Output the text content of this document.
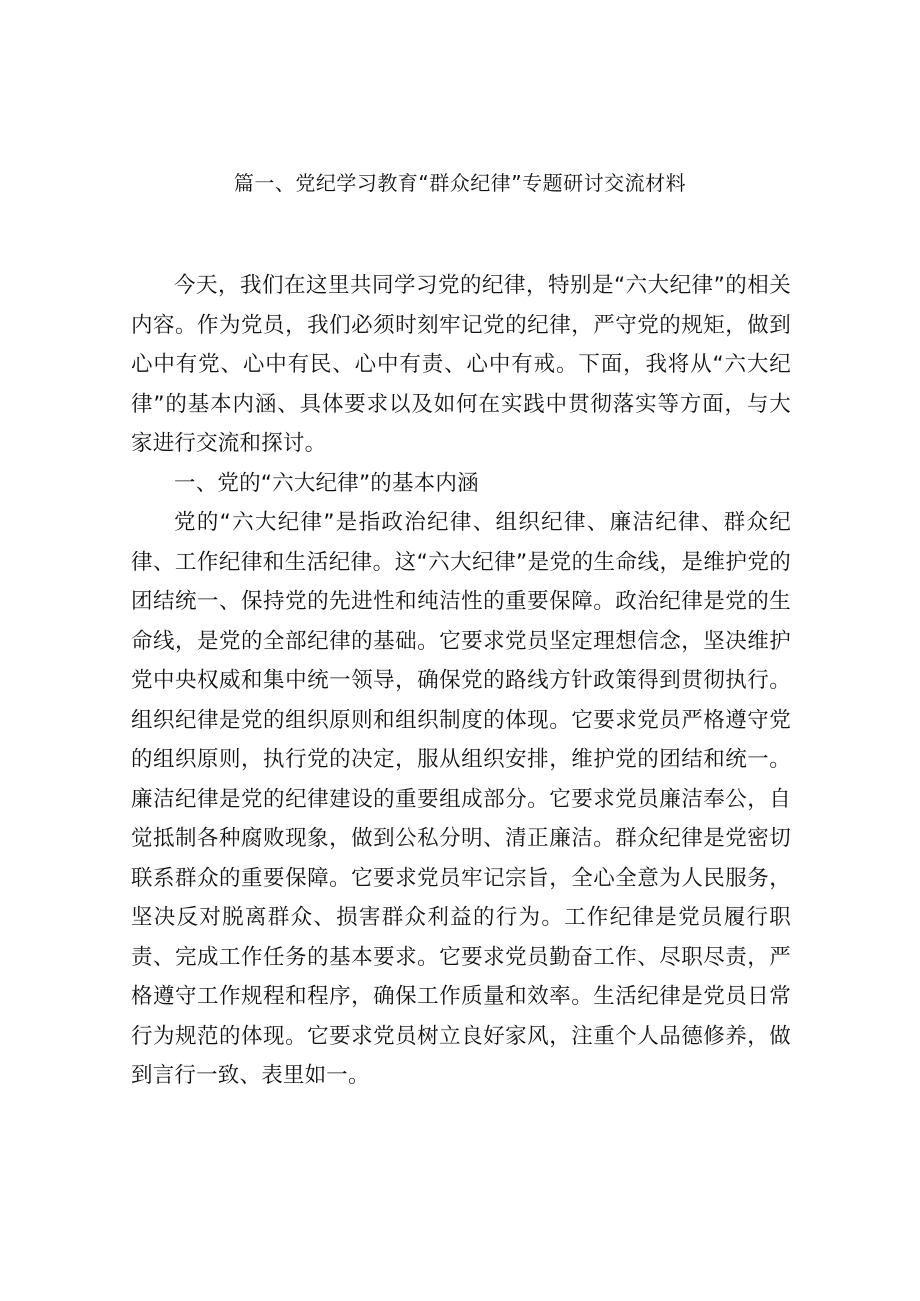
篇一、党纪学习教育“群众纪律”专题研讨交流材料

今天，我们在这里共同学习党的纪律，特别是“六大纪律”的相关内容。作为党员，我们必须时刻牢记党的纪律，严守党的规矩，做到心中有党、心中有民、心中有责、心中有戒。下面，我将从“六大纪律”的基本内涵、具体要求以及如何在实践中贯彻落实等方面，与大家进行交流和探讨。

一、党的“六大纪律”的基本内涵

党的“六大纪律”是指政治纪律、组织纪律、廉洁纪律、群众纪律、工作纪律和生活纪律。这“六大纪律”是党的生命线，是维护党的团结统一、保持党的先进性和纯洁性的重要保障。政治纪律是党的生命线，是党的全部纪律的基础。它要求党员坚定理想信念，坚决维护党中央权威和集中统一领导，确保党的路线方针政策得到贯彻执行。组织纪律是党的组织原则和组织制度的体现。它要求党员严格遵守党的组织原则，执行党的决定，服从组织安排，维护党的团结和统一。廉洁纪律是党的纪律建设的重要组成部分。它要求党员廉洁奉公，自觉抵制各种腐败现象，做到公私分明、清正廉洁。群众纪律是党密切联系群众的重要保障。它要求党员牢记宗旨，全心全意为人民服务，坚决反对脱离群众、损害群众利益的行为。工作纪律是党员履行职责、完成工作任务的基本要求。它要求党员勤奋工作、尽职尽责，严格遵守工作规程和程序，确保工作质量和效率。生活纪律是党员日常行为规范的体现。它要求党员树立良好家风，注重个人品德修养，做到言行一致、表里如一。
